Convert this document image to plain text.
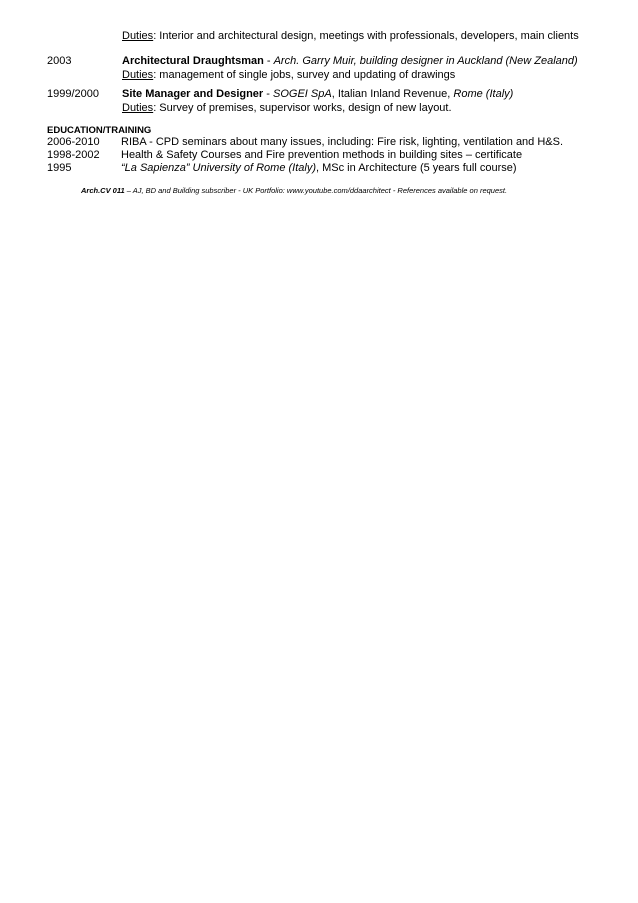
Duties: Interior and architectural design, meetings with professionals, developers, main clients
2003	Architectural Draughtsman - Arch. Garry Muir, building designer in Auckland (New Zealand)
Duties: management of single jobs, survey and updating of drawings
1999/2000 Site Manager and Designer - SOGEI SpA, Italian Inland Revenue, Rome (Italy)
Duties: Survey of premises, supervisor works, design of new layout.
EDUCATION/TRAINING
2006-2010 RIBA - CPD seminars about many issues, including: Fire risk, lighting, ventilation and H&S.
1998-2002 Health & Safety Courses and Fire prevention methods in building sites – certificate
1995	“La Sapienza” University of Rome (Italy), MSc in Architecture (5 years full course)
Arch.CV 011 – AJ, BD and Building subscriber - UK Portfolio: www.youtube.com/ddaarchitect - References available on request.
